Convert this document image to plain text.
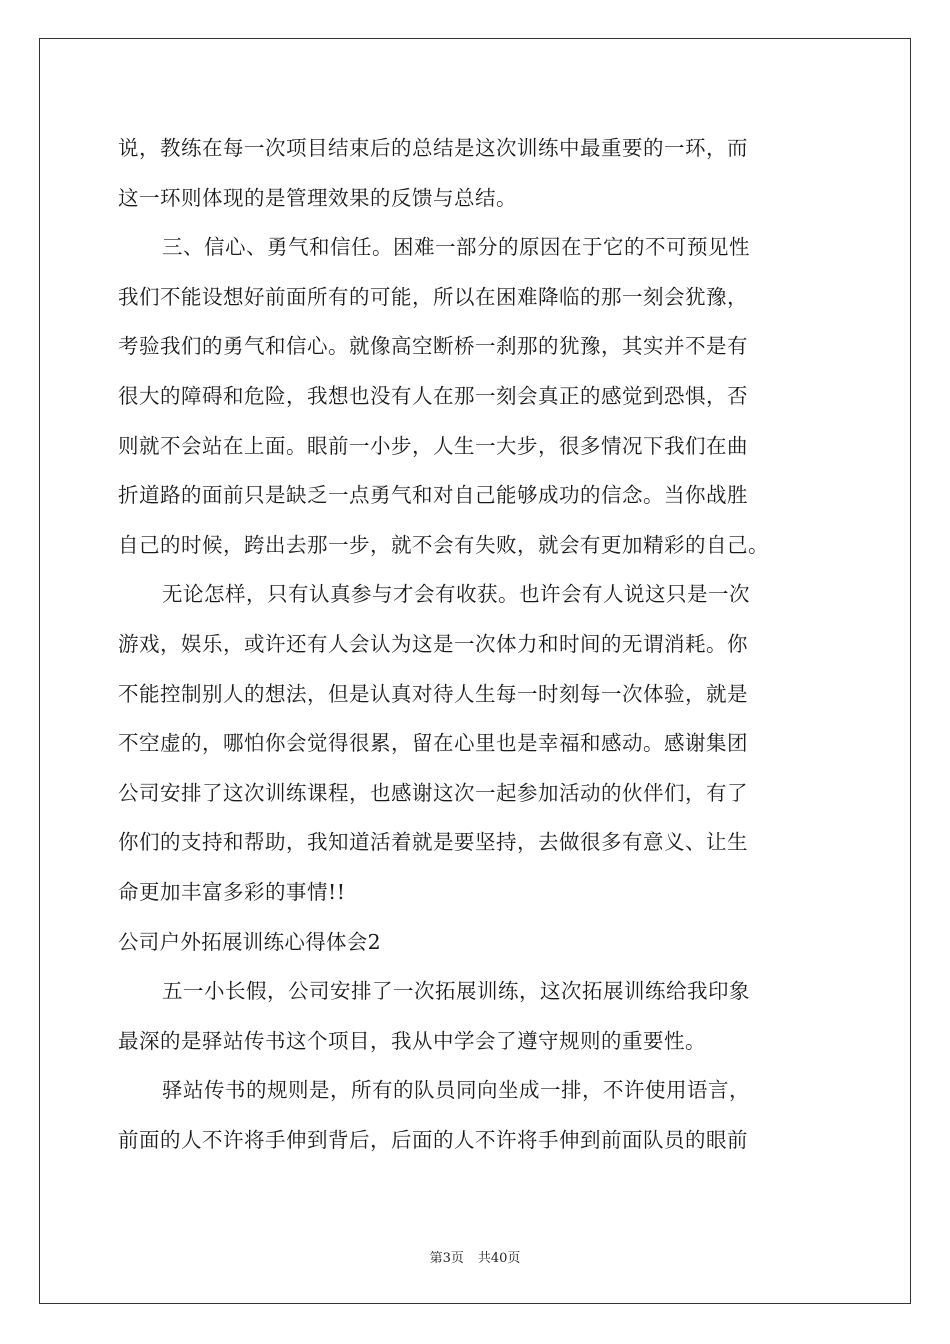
说，教练在每一次项目结束后的总结是这次训练中最重要的一环，而
这一环则体现的是管理效果的反馈与总结。
三、信心、勇气和信任。困难一部分的原因在于它的不可预见性
我们不能设想好前面所有的可能，所以在困难降临的那一刻会犹豫，
考验我们的勇气和信心。就像高空断桥一刹那的犹豫，其实并不是有
很大的障碍和危险，我想也没有人在那一刻会真正的感觉到恐惧，否
则就不会站在上面。眼前一小步，人生一大步，很多情况下我们在曲
折道路的面前只是缺乏一点勇气和对自己能够成功的信念。当你战胜
自己的时候，跨出去那一步，就不会有失败，就会有更加精彩的自己。
无论怎样，只有认真参与才会有收获。也许会有人说这只是一次
游戏，娱乐，或许还有人会认为这是一次体力和时间的无谓消耗。你
不能控制别人的想法，但是认真对待人生每一时刻每一次体验，就是
不空虚的，哪怕你会觉得很累，留在心里也是幸福和感动。感谢集团
公司安排了这次训练课程，也感谢这次一起参加活动的伙伴们，有了
你们的支持和帮助，我知道活着就是要坚持，去做很多有意义、让生
命更加丰富多彩的事情!!
公司户外拓展训练心得体会2
五一小长假，公司安排了一次拓展训练，这次拓展训练给我印象
最深的是驿站传书这个项目，我从中学会了遵守规则的重要性。
驿站传书的规则是，所有的队员同向坐成一排，不许使用语言，
前面的人不许将手伸到背后，后面的人不许将手伸到前面队员的眼前
第3页 共40页
